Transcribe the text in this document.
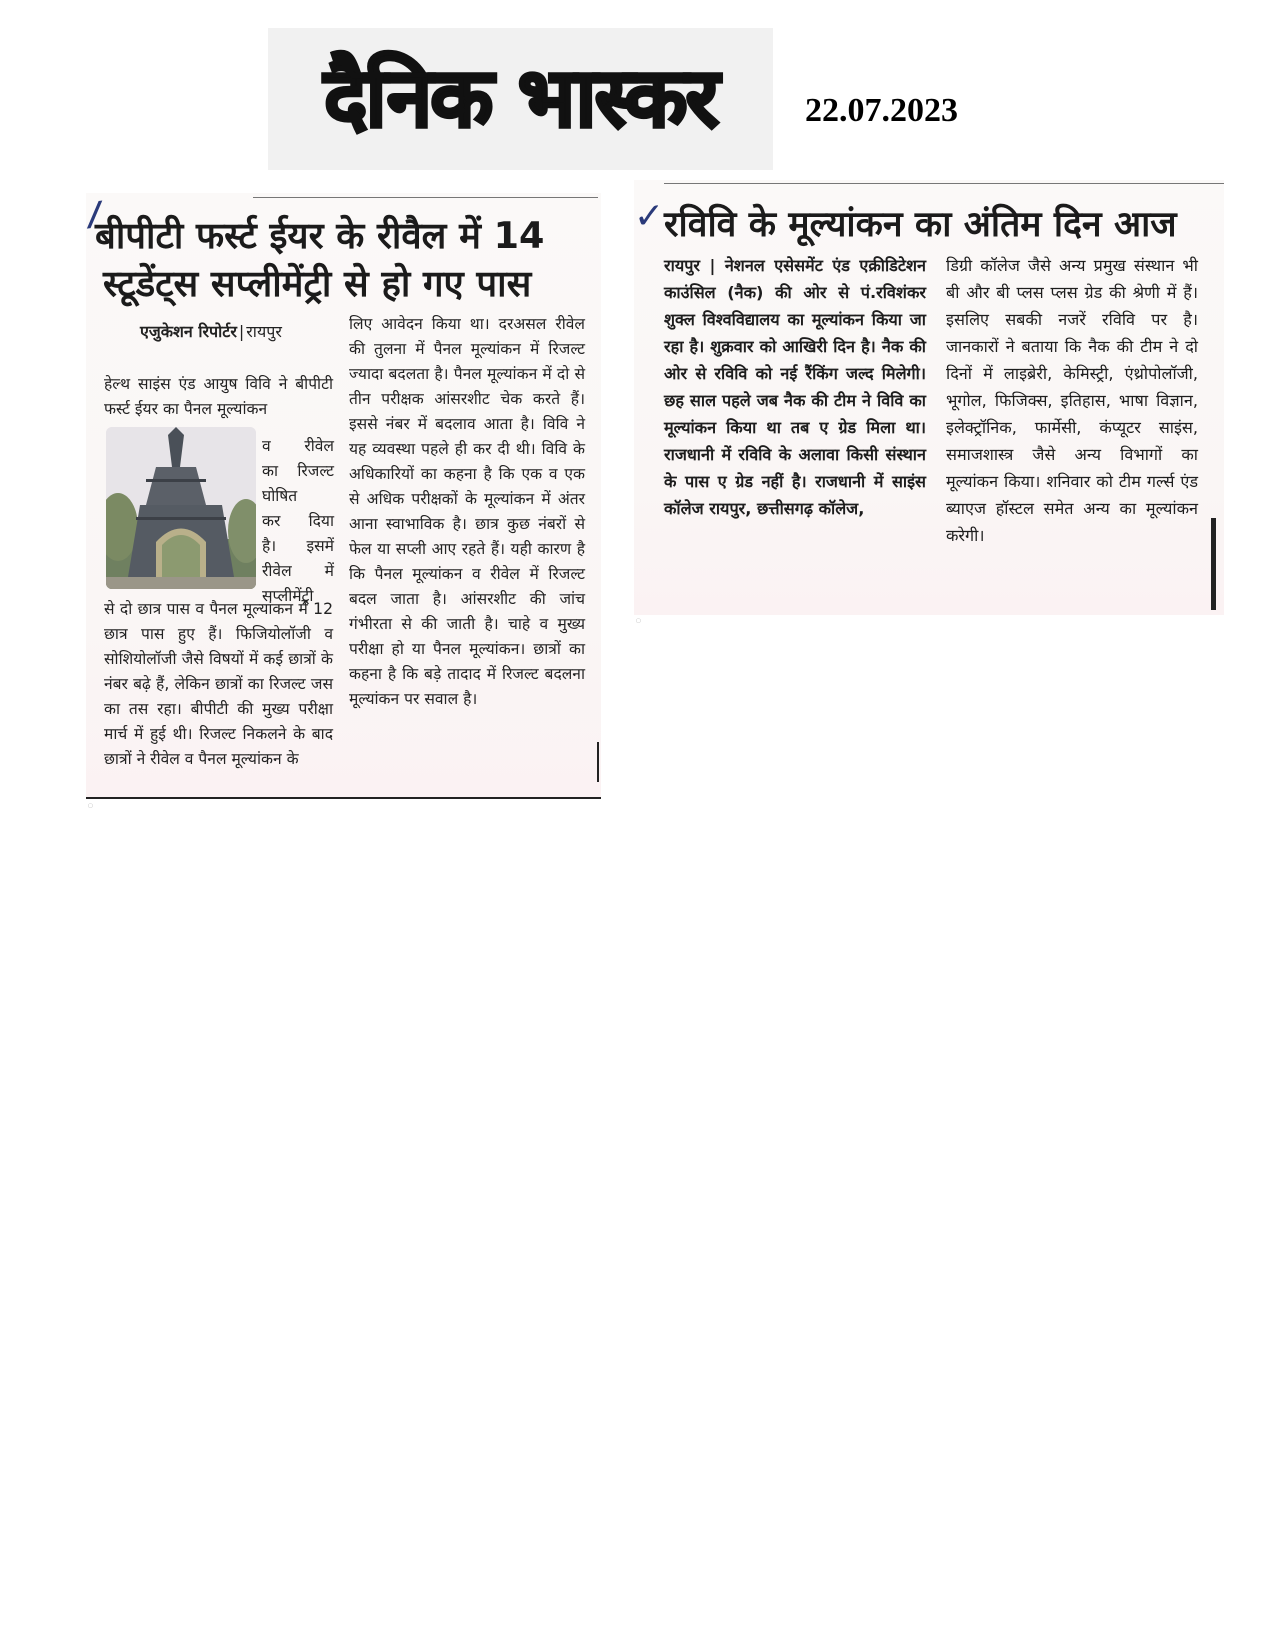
दैनिक भास्कर	22.07.2023
⁄
बीपीटी फर्स्ट ईयर के रीवैल में 14
स्टूडेंट्स सप्लीमेंट्री से हो गए पास
एजुकेशन रिपोर्टर | रायपुर
हेल्थ साइंस एंड आयुष विवि ने बीपीटी फर्स्ट ईयर का पैनल मूल्यांकन
व रीवेल
का रिजल्ट
घोषित
कर दिया
है। इसमें
रीवेल में
सप्लीमेंट्री
से दो छात्र पास व पैनल मूल्यांकन में 12 छात्र पास हुए हैं। फिजियोलॉजी व सोशियोलॉजी जैसे विषयों में कई छात्रों के नंबर बढ़े हैं, लेकिन छात्रों का रिजल्ट जस का तस रहा। बीपीटी की मुख्य परीक्षा मार्च में हुई थी। रिजल्ट निकलने के बाद छात्रों ने रीवेल व पैनल मूल्यांकन के
लिए आवेदन किया था। दरअसल रीवेल की तुलना में पैनल मूल्यांकन में रिजल्ट ज्यादा बदलता है। पैनल मूल्यांकन में दो से तीन परीक्षक आंसरशीट चेक करते हैं। इससे नंबर में बदलाव आता है। विवि ने यह व्यवस्था पहले ही कर दी थी। विवि के अधिकारियों का कहना है कि एक व एक से अधिक परीक्षकों के मूल्यांकन में अंतर आना स्वाभाविक है। छात्र कुछ नंबरों से फेल या सप्ली आए रहते हैं। यही कारण है कि पैनल मूल्यांकन व रीवेल में रिजल्ट बदल जाता है। आंसरशीट की जांच गंभीरता से की जाती है। चाहे व मुख्य परीक्षा हो या पैनल मूल्यांकन। छात्रों का कहना है कि बड़े तादाद में रिजल्ट बदलना मूल्यांकन पर सवाल है।
▢
✓ रविवि के मूल्यांकन का अंतिम दिन आज
रायपुर | नेशनल एसेसमेंट एंड एक्रीडिटेशन काउंसिल (नैक) की ओर से पं.रविशंकर शुक्ल विश्वविद्यालय का मूल्यांकन किया जा रहा है। शुक्रवार को आखिरी दिन है। नैक की ओर से रविवि को नई रैंकिंग जल्द मिलेगी। छह साल पहले जब नैक की टीम ने विवि का मूल्यांकन किया था तब ए ग्रेड मिला था। राजधानी में रविवि के अलावा किसी संस्थान के पास ए ग्रेड नहीं है। राजधानी में साइंस कॉलेज रायपुर, छत्तीसगढ़ कॉलेज,
डिग्री कॉलेज जैसे अन्य प्रमुख संस्थान भी बी और बी प्लस प्लस ग्रेड की श्रेणी में हैं। इसलिए सबकी नजरें रविवि पर है। जानकारों ने बताया कि नैक की टीम ने दो दिनों में लाइब्रेरी, केमिस्ट्री, एंथ्रोपोलॉजी, भूगोल, फिजिक्स, इतिहास, भाषा विज्ञान, इलेक्ट्रॉनिक, फार्मेसी, कंप्यूटर साइंस, समाजशास्त्र जैसे अन्य विभागों का मूल्यांकन किया। शनिवार को टीम गर्ल्स एंड ब्याएज हॉस्टल समेत अन्य का मूल्यांकन करेगी।
▢
